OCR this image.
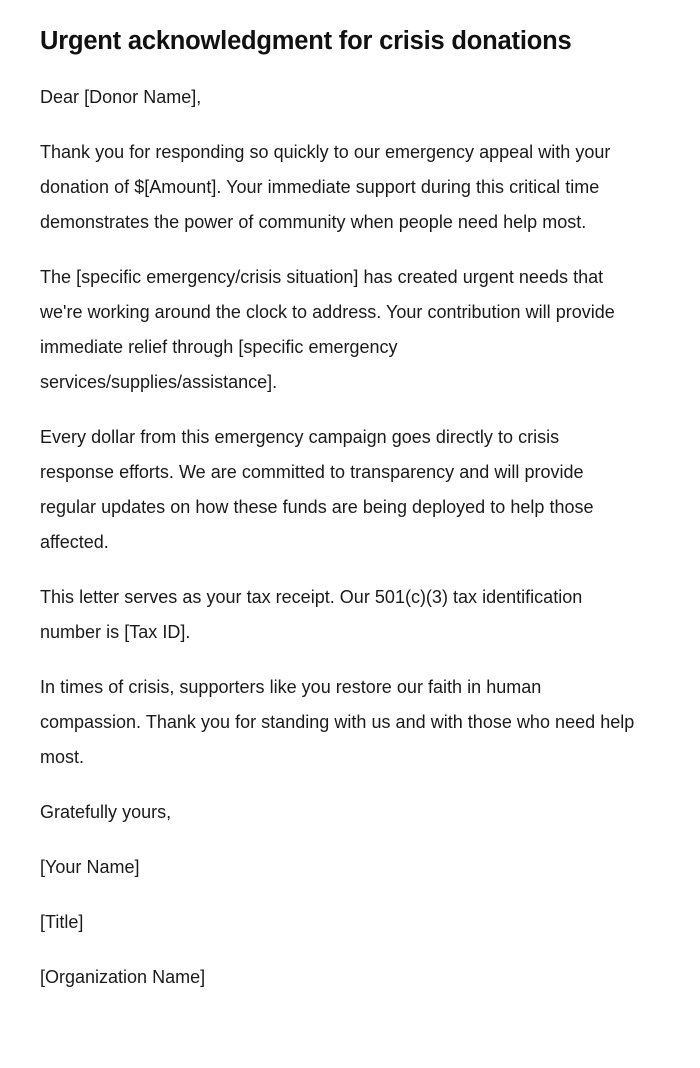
Urgent acknowledgment for crisis donations

Dear [Donor Name],

Thank you for responding so quickly to our emergency appeal with your donation of $[Amount]. Your immediate support during this critical time demonstrates the power of community when people need help most.

The [specific emergency/crisis situation] has created urgent needs that we're working around the clock to address. Your contribution will provide immediate relief through [specific emergency services/supplies/assistance].

Every dollar from this emergency campaign goes directly to crisis response efforts. We are committed to transparency and will provide regular updates on how these funds are being deployed to help those affected.

This letter serves as your tax receipt. Our 501(c)(3) tax identification number is [Tax ID].

In times of crisis, supporters like you restore our faith in human compassion. Thank you for standing with us and with those who need help most.

Gratefully yours,

[Your Name]

[Title]

[Organization Name]
